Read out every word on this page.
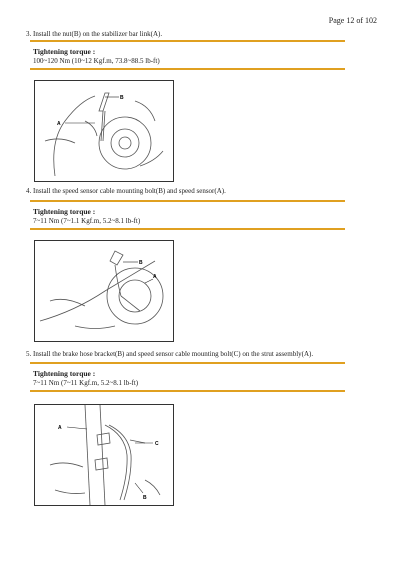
Page 12 of 102
3. Install the nut(B) on the stabilizer bar link(A).
Tightening torque :
100~120 Nm (10~12 Kgf.m, 73.8~88.5 lb-ft)
B
A
4. Install the speed sensor cable mounting bolt(B) and speed sensor(A).
Tightening torque :
7~11 Nm (7~1.1 Kgf.m, 5.2~8.1 lb-ft)
B
A
5. Install the brake hose bracket(B) and speed sensor cable mounting bolt(C) on the strut assembly(A).
Tightening torque :
7~11 Nm (7~11 Kgf.m, 5.2~8.1 lb-ft)
A
C
B
